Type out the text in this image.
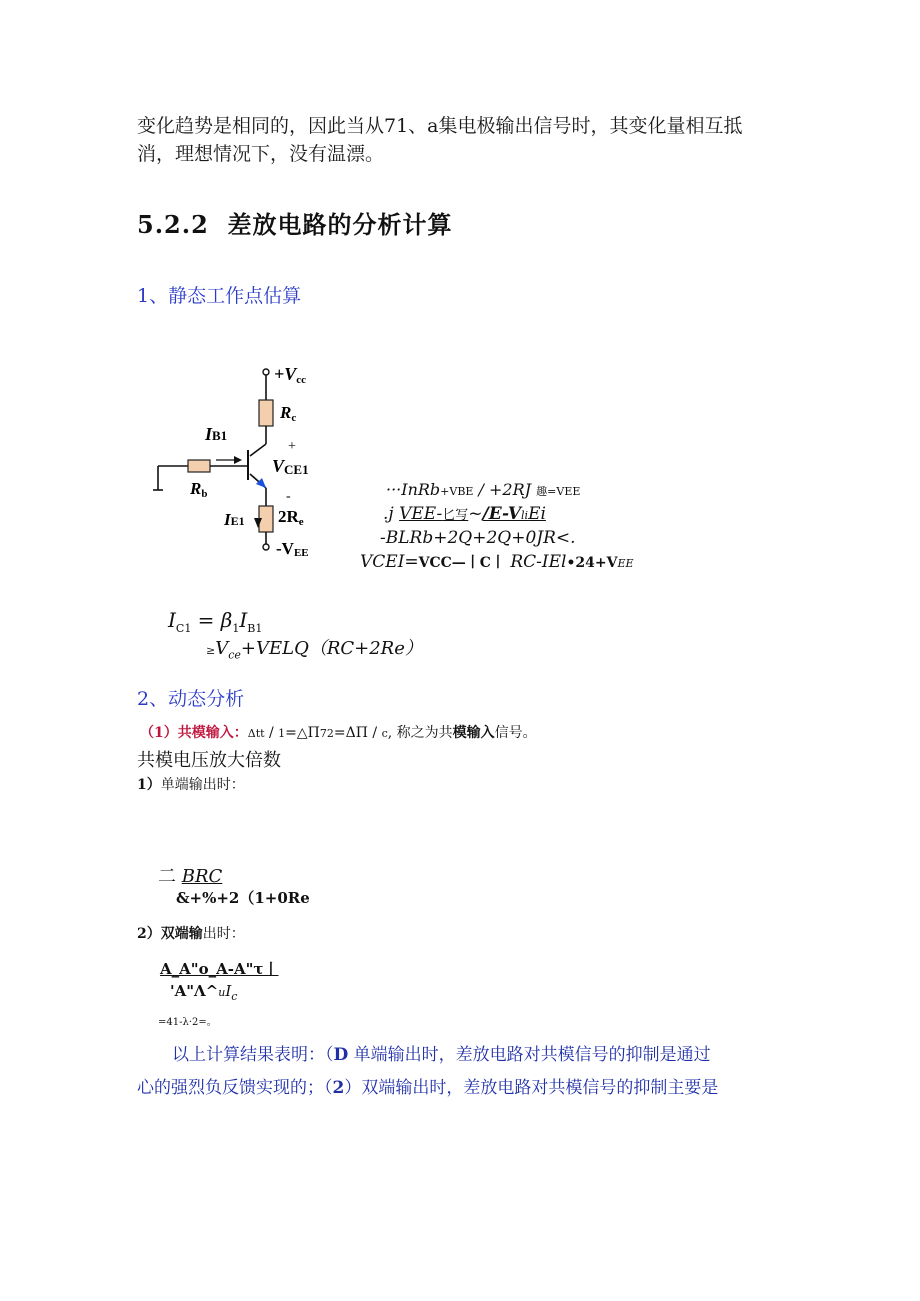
变化趋势是相同的，因此当从71、a集电极输出信号时，其变化量相互抵
消，理想情况下，没有温漂。
5.2.2 差放电路的分析计算
1、静态工作点估算
+Vcc
Rc
+
IB1
VCE1
Rb	-
IE1 2Re
-VEE
···InRb+VBE / +2RJ 趣=VEE
.j VEE-匕写~/E-VliEi
-BLRb+2Q+2Q+0JR<.
VCEI=VCC—丨C丨 RC-IEl•24+VEE
$I_{C1} = \beta_1I_{B1}$
$\ge V_{ce}+VELQ(RC+2Re)$
2、动态分析
（1）共模输入：Δtt / 1=△Π72=ΔΠ / c, 称之为共模输入信号。
共模电压放大倍数
1）单端输出时：
二 BRC
&+%+2（1+0Re
2）双端输出时：
A_A"o_A-A"τ丨
'$A"\Lambda\^{}uI_c$
=41-λ·2=。
以上计算结果表明：（D 单端输出时，差放电路对共模信号的抑制是通过
心的强烈负反馈实现的；（2）双端输出时，差放电路对共模信号的抑制主要是
